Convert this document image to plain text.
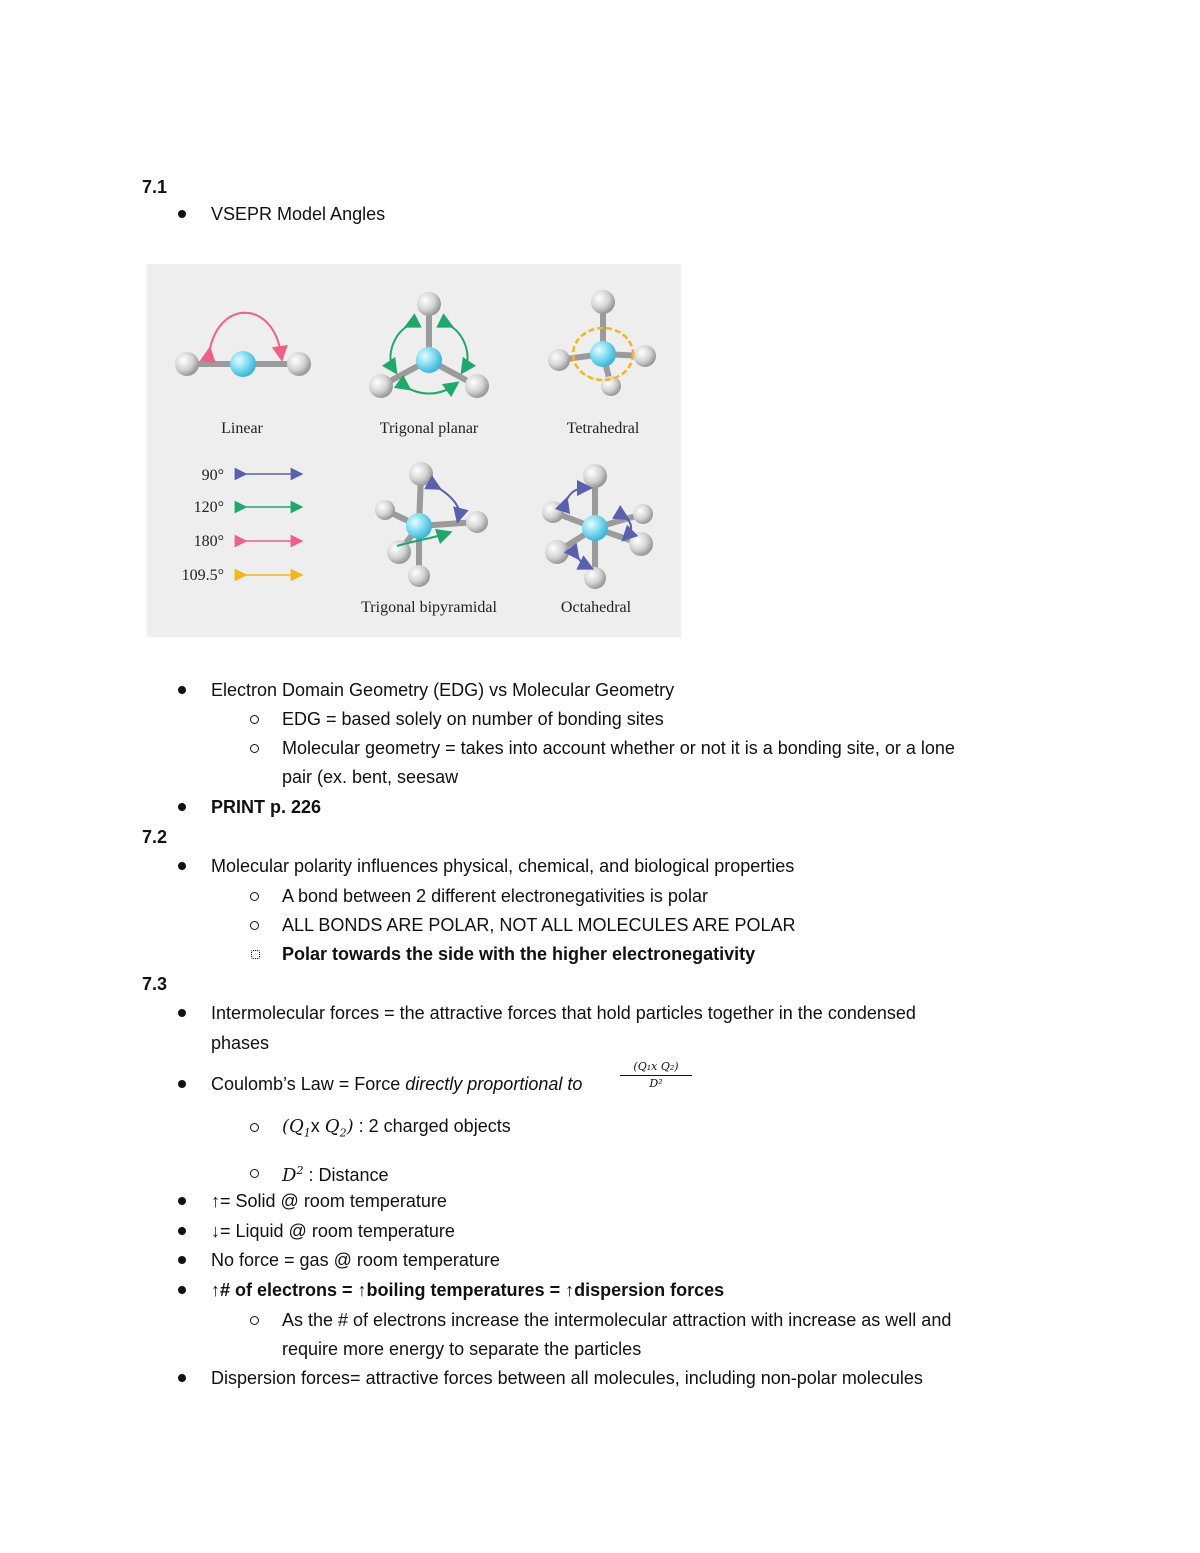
7.1
VSEPR Model Angles
Linear	Trigonal planar	Tetrahedral
90°
120°
180°
109.5°
Trigonal bipyramidal	Octahedral
Electron Domain Geometry (EDG) vs Molecular Geometry
EDG = based solely on number of bonding sites
Molecular geometry = takes into account whether or not it is a bonding site, or a lone
pair (ex. bent, seesaw
PRINT p. 226
7.2
Molecular polarity influences physical, chemical, and biological properties
A bond between 2 different electronegativities is polar
ALL BONDS ARE POLAR, NOT ALL MOLECULES ARE POLAR
Polar towards the side with the higher electronegativity
7.3
Intermolecular forces = the attractive forces that hold particles together in the condensed
phases
Coulomb’s Law = Force directly proportional to	$\frac{\text{(Q₁x Q₂)}}{\text{D²}}$
($Q_1x$ $Q_2$) : 2 charged objects
$D^2$ : Distance
↑= Solid @ room temperature
↓= Liquid @ room temperature
No force = gas @ room temperature
↑# of electrons = ↑boiling temperatures = ↑dispersion forces
As the # of electrons increase the intermolecular attraction with increase as well and
require more energy to separate the particles
Dispersion forces= attractive forces between all molecules, including non-polar molecules
